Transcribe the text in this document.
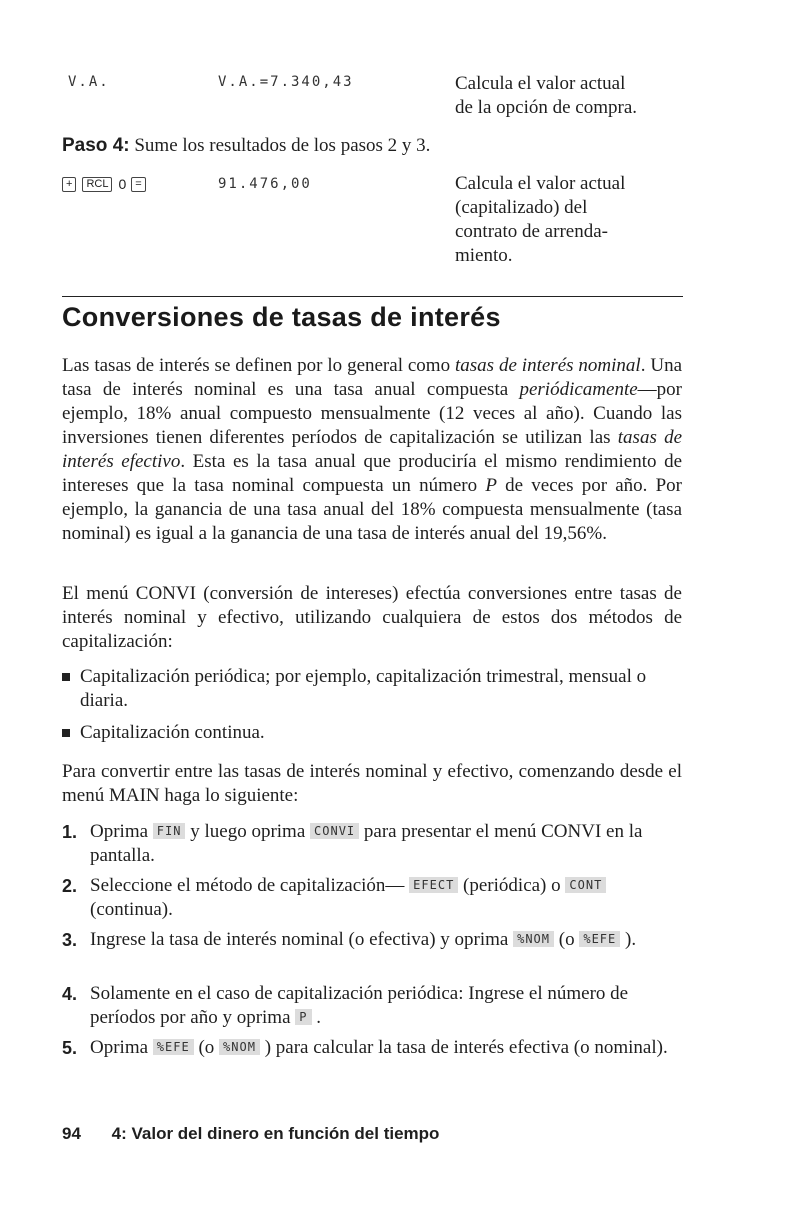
V.A.	V.A.=7.340,43	Calcula el valor actual
de la opción de compra.
Paso 4: Sume los resultados de los pasos 2 y 3.
+ RCL 0 =	91.476,00	Calcula el valor actual
(capitalizado) del
contrato de arrenda-
miento.
Conversiones de tasas de interés
Las tasas de interés se definen por lo general como tasas de interés nominal. Una tasa de interés nominal es una tasa anual compuesta periódicamente—por ejemplo, 18% anual compuesto mensualmente (12 veces al año). Cuando las inversiones tienen diferentes períodos de capitalización se utilizan las tasas de interés efectivo. Esta es la tasa anual que produciría el mismo rendimiento de intereses que la tasa nominal compuesta un número P de veces por año. Por ejemplo, la ganancia de una tasa anual del 18% compuesta mensualmente (tasa nominal) es igual a la ganancia de una tasa de interés anual del 19,56%.
El menú CONVI (conversión de intereses) efectúa conversiones entre tasas de interés nominal y efectivo, utilizando cualquiera de estos dos métodos de capitalización:
Capitalización periódica; por ejemplo, capitalización trimestral, mensual o diaria.
Capitalización continua.
Para convertir entre las tasas de interés nominal y efectivo, comenzando desde el menú MAIN haga lo siguiente:
1. Oprima FIN y luego oprima CONVI para presentar el menú CONVI en la pantalla.
2. Seleccione el método de capitalización— EFECT (periódica) o CONT (continua).
3. Ingrese la tasa de interés nominal (o efectiva) y oprima %NOM (o %EFE ).
4. Solamente en el caso de capitalización periódica: Ingrese el número de períodos por año y oprima P .
5. Oprima %EFE (o %NOM ) para calcular la tasa de interés efectiva (o nominal).
94 4: Valor del dinero en función del tiempo
